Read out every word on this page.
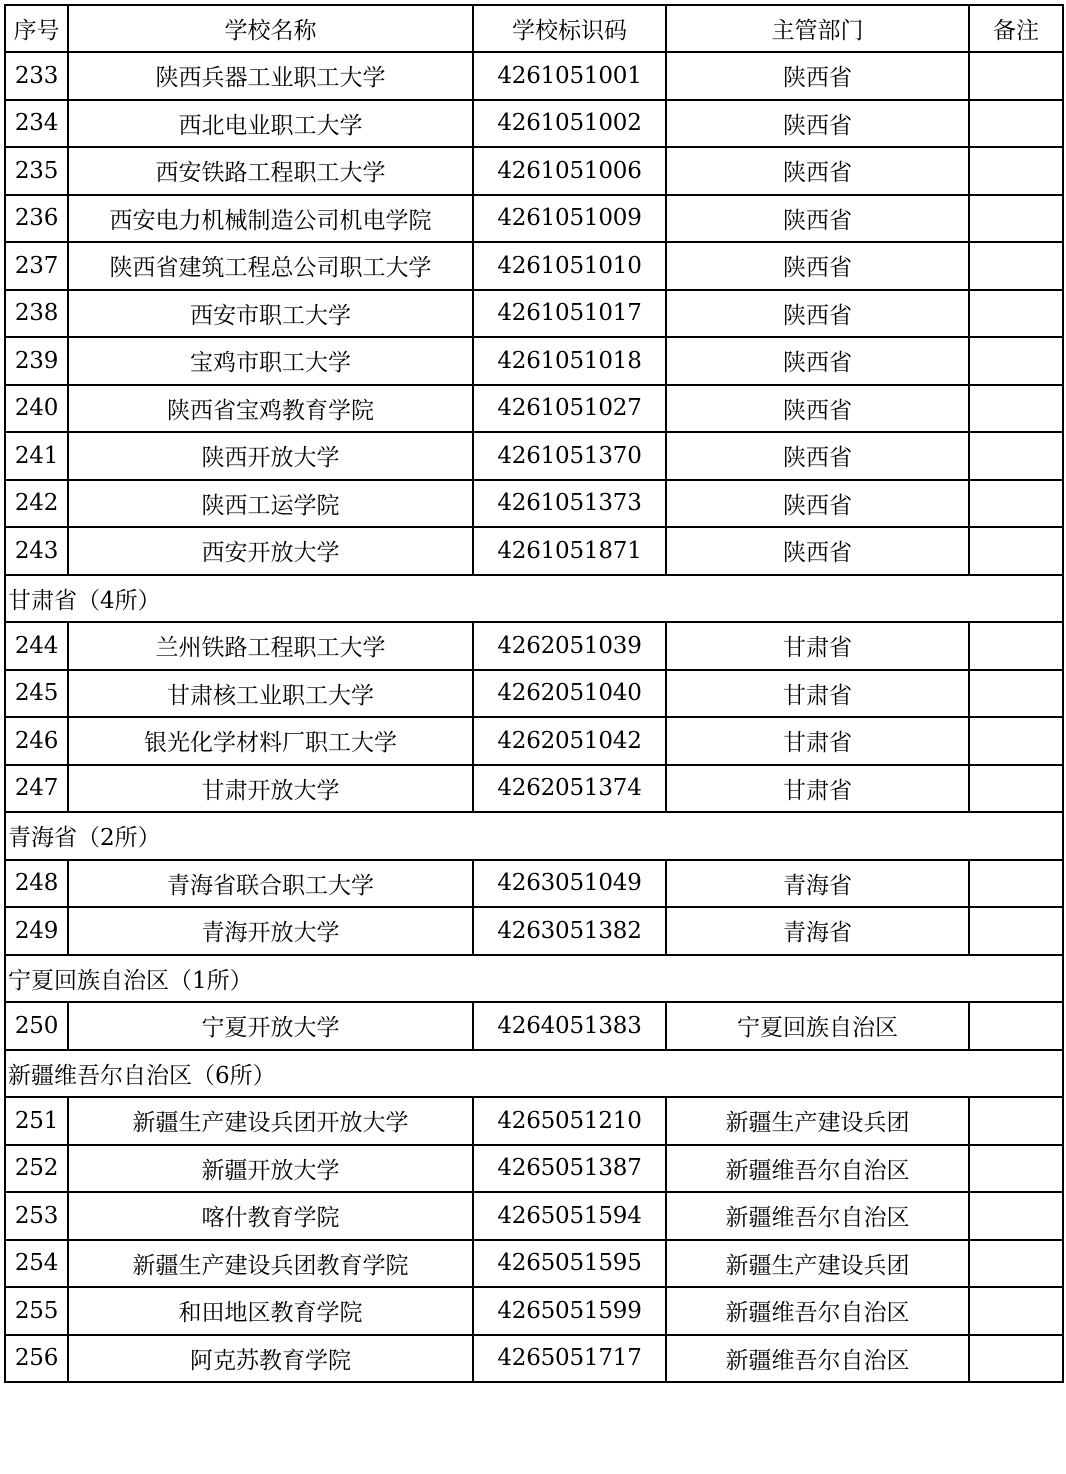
序号	学校名称	学校标识码	主管部门	备注
233	陕西兵器工业职工大学	4261051001	陕西省	
234	西北电业职工大学	4261051002	陕西省	
235	西安铁路工程职工大学	4261051006	陕西省	
236	西安电力机械制造公司机电学院	4261051009	陕西省	
237	陕西省建筑工程总公司职工大学	4261051010	陕西省	
238	西安市职工大学	4261051017	陕西省	
239	宝鸡市职工大学	4261051018	陕西省	
240	陕西省宝鸡教育学院	4261051027	陕西省	
241	陕西开放大学	4261051370	陕西省	
242	陕西工运学院	4261051373	陕西省	
243	西安开放大学	4261051871	陕西省	
甘肃省（4所）				
244	兰州铁路工程职工大学	4262051039	甘肃省	
245	甘肃核工业职工大学	4262051040	甘肃省	
246	银光化学材料厂职工大学	4262051042	甘肃省	
247	甘肃开放大学	4262051374	甘肃省	
青海省（2所）				
248	青海省联合职工大学	4263051049	青海省	
249	青海开放大学	4263051382	青海省	
宁夏回族自治区（1所）				
250	宁夏开放大学	4264051383	宁夏回族自治区	
新疆维吾尔自治区（6所）				
251	新疆生产建设兵团开放大学	4265051210	新疆生产建设兵团	
252	新疆开放大学	4265051387	新疆维吾尔自治区	
253	喀什教育学院	4265051594	新疆维吾尔自治区	
254	新疆生产建设兵团教育学院	4265051595	新疆生产建设兵团	
255	和田地区教育学院	4265051599	新疆维吾尔自治区	
256	阿克苏教育学院	4265051717	新疆维吾尔自治区	
